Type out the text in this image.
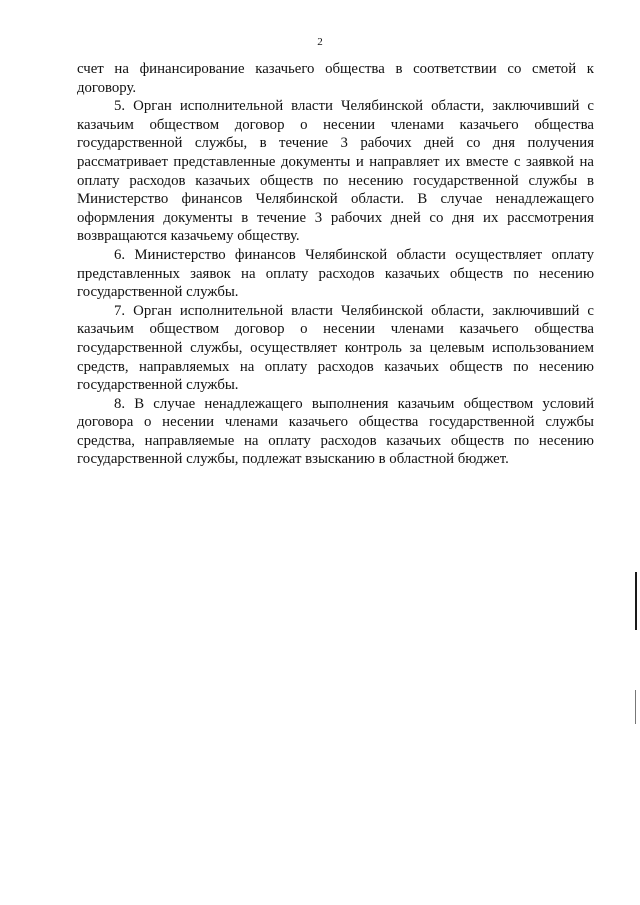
2
счет на финансирование казачьего общества в соответствии со сметой к
договору.
5. Орган исполнительной власти Челябинской области, заключивший с
казачьим обществом договор о несении членами казачьего общества
государственной службы, в течение 3 рабочих дней со дня получения
рассматривает представленные документы и направляет их вместе с заявкой на
оплату расходов казачьих обществ по несению государственной службы в
Министерство финансов Челябинской области. В случае ненадлежащего
оформления документы в течение 3 рабочих дней со дня их рассмотрения
возвращаются казачьему обществу.
6. Министерство финансов Челябинской области осуществляет оплату
представленных заявок на оплату расходов казачьих обществ по несению
государственной службы.
7. Орган исполнительной власти Челябинской области, заключивший с
казачьим обществом договор о несении членами казачьего общества
государственной службы, осуществляет контроль за целевым использованием
средств, направляемых на оплату расходов казачьих обществ по несению
государственной службы.
8. В случае ненадлежащего выполнения казачьим обществом условий
договора о несении членами казачьего общества государственной службы
средства, направляемые на оплату расходов казачьих обществ по несению
государственной службы, подлежат взысканию в областной бюджет.
